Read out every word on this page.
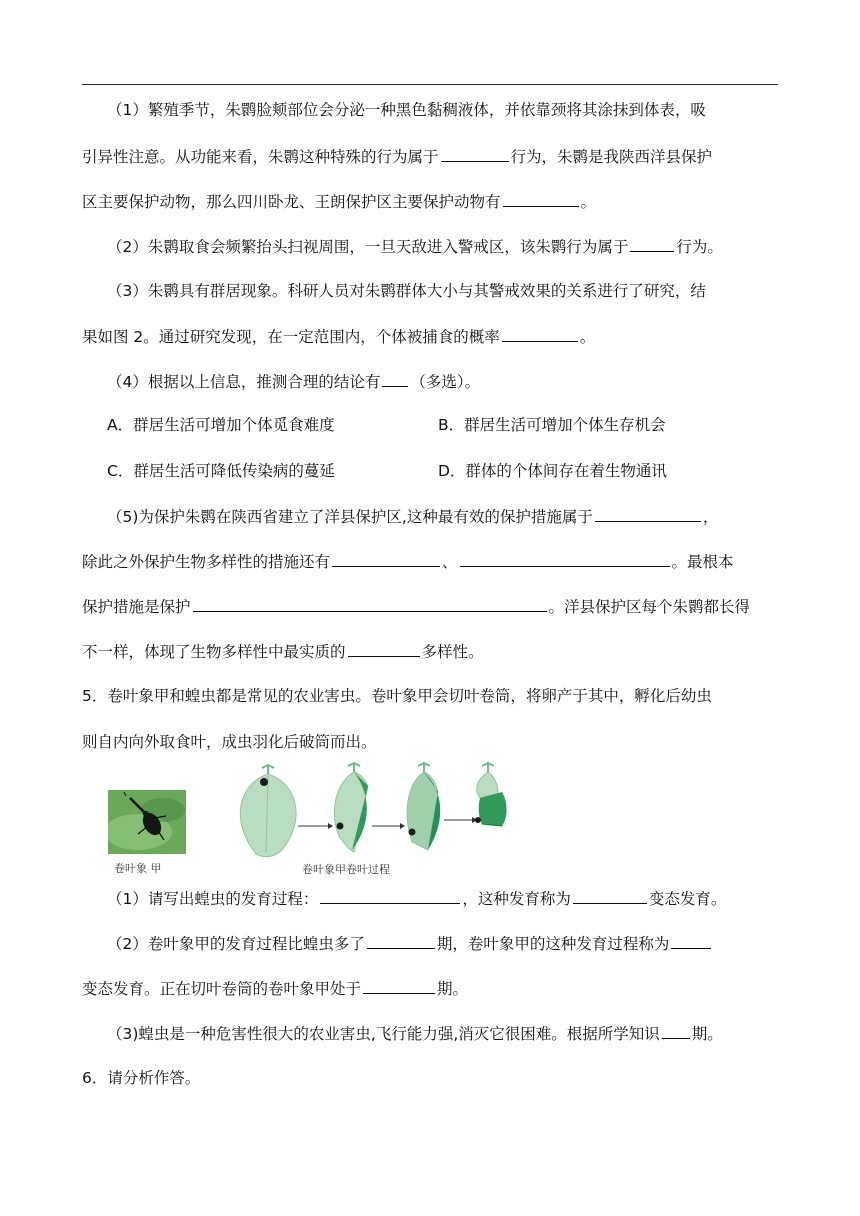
（1）繁殖季节，朱鹮脸颊部位会分泌一种黑色黏稠液体，并依靠颈将其涂抹到体表，吸
引异性注意。从功能来看，朱鹮这种特殊的行为属于	行为，朱鹮是我陕西洋县保护
区主要保护动物，那么四川卧龙、王朗保护区主要保护动物有	。
（2）朱鹮取食会频繁抬头扫视周围，一旦天敌进入警戒区，该朱鹮行为属于	行为。
（3）朱鹮具有群居现象。科研人员对朱鹮群体大小与其警戒效果的关系进行了研究，结
果如图 2。通过研究发现，在一定范围内，个体被捕食的概率	。
（4）根据以上信息，推测合理的结论有 （多选）。
A．群居生活可增加个体觅食难度	B．群居生活可增加个体生存机会
C．群居生活可降低传染病的蔓延	D．群体的个体间存在着生物通讯
（5)为保护朱鹮在陕西省建立了洋县保护区,这种最有效的保护措施属于	，
除此之外保护生物多样性的措施还有	、	。最根本
保护措施是保护	。洋县保护区每个朱鹮都长得
不一样，体现了生物多样性中最实质的	多样性。
5．卷叶象甲和蝗虫都是常见的农业害虫。卷叶象甲会切叶卷筒，将卵产于其中，孵化后幼虫
则自内向外取食叶，成虫羽化后破筒而出。
卷叶象 甲	卷叶象甲卷叶过程
（1）请写出蝗虫的发育过程：	，这种发育称为	变态发育。
（2）卷叶象甲的发育过程比蝗虫多了	期，卷叶象甲的这种发育过程称为
变态发育。正在切叶卷筒的卷叶象甲处于	期。
（3)蝗虫是一种危害性很大的农业害虫,飞行能力强,消灭它很困难。根据所学知识 期。
6．请分析作答。
